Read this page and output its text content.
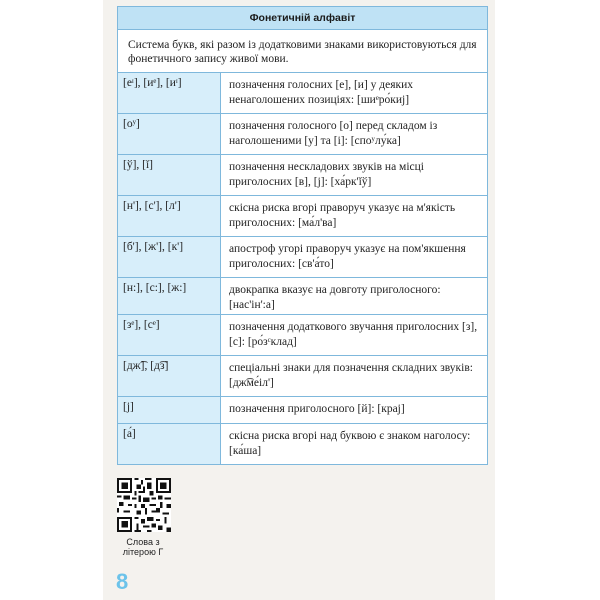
Фонетичній алфавіт
Система букв, які разом із додатковими знаками використовуються для фонетичного запису живої мови.
[еᶦ], [иᵉ], [иᶦ]	позначення голосних [е], [и] у деяких ненаголошених позиціях: [шиᵉро́киj]
[оʸ]	позначення голосного [о] перед складом із наголошеними [у] та [і]: [споʸлу́ка]
[ў], [ǐ]	позначення нескладових звуків на місці приголосних [в], [j]: [ха́рк'ǐў]
[н'], [с'], [л']	скісна риска вгорі праворуч указує на м'якість приголосних: [ма́л'ва]
[б'], [ж'], [к']	апостроф угорі праворуч указує на пом'якшення приголосних: [св'а́то]
[н:], [с:], [ж:]	двокрапка вказує на довготу приголосного: [нас'ін':а]
[зᵉ], [сᵉ]	позначення додаткового звучання приголосних [з], [с]: [ро́зᶜклад]
[дж͡], [д͡з]	спеціальні знаки для позначення складних звуків: [дж͡ме́іл']
[j]	позначення приголосного [й]: [краj]
[а́]	скісна риска вгорі над буквою є знаком наголосу: [ка́ша]
Слова з літерою Г
8
